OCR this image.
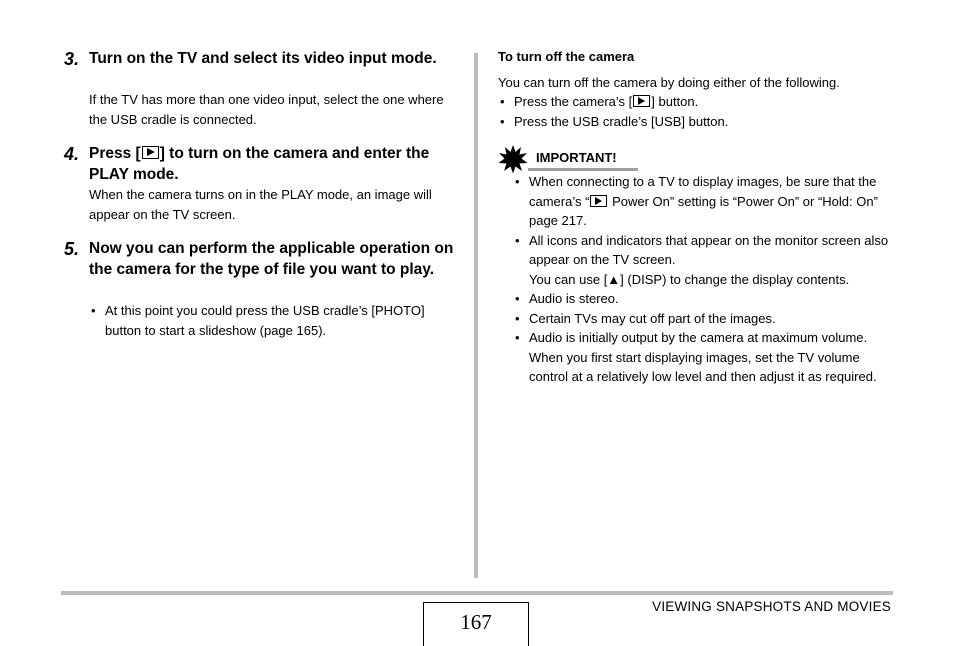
3. Turn on the TV and select its video input mode.
If the TV has more than one video input, select the one where the USB cradle is connected.
4. Press [ ] to turn on the camera and enter the PLAY mode.
When the camera turns on in the PLAY mode, an image will appear on the TV screen.
5. Now you can perform the applicable operation on the camera for the type of file you want to play.
• At this point you could press the USB cradle’s [PHOTO] button to start a slideshow (page 165).
To turn off the camera
You can turn off the camera by doing either of the following.
• Press the camera’s [ ] button.
• Press the USB cradle’s [USB] button.
IMPORTANT!
• When connecting to a TV to display images, be sure that the camera’s “ Power On” setting is “Power On” or “Hold: On” page 217.
• All icons and indicators that appear on the monitor screen also appear on the TV screen.
You can use [▲] (DISP) to change the display contents.
• Audio is stereo.
• Certain TVs may cut off part of the images.
• Audio is initially output by the camera at maximum volume. When you first start displaying images, set the TV volume control at a relatively low level and then adjust it as required.
167
VIEWING SNAPSHOTS AND MOVIES
